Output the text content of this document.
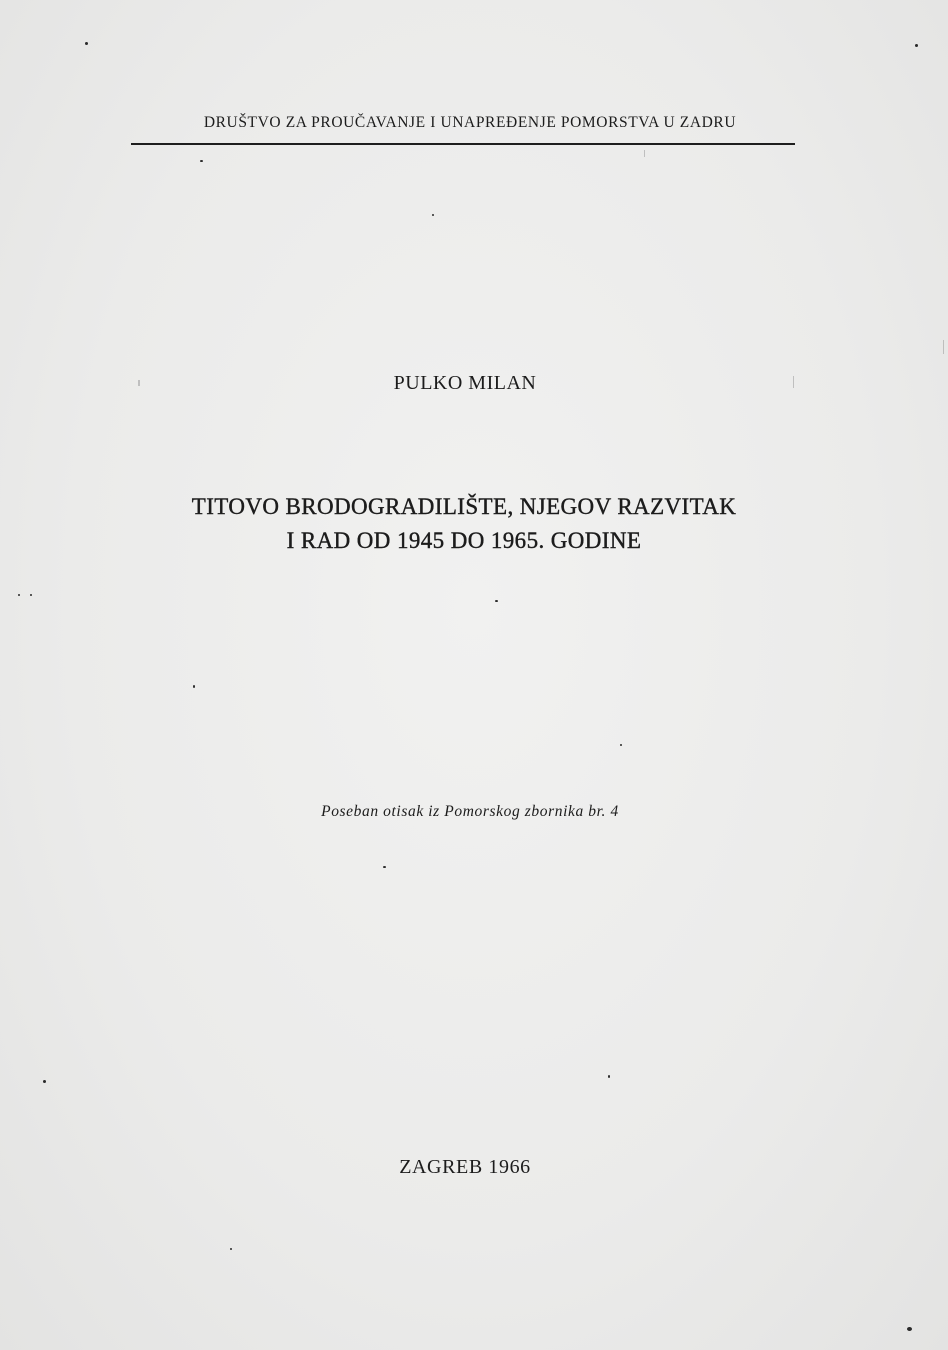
DRUŠTVO ZA PROUČAVANJE I UNAPREĐENJE POMORSTVA U ZADRU
PULKO MILAN
TITOVO BRODOGRADILIŠTE, NJEGOV RAZVITAK
I RAD OD 1945 DO 1965. GODINE
Poseban otisak iz Pomorskog zbornika br. 4
ZAGREB 1966
